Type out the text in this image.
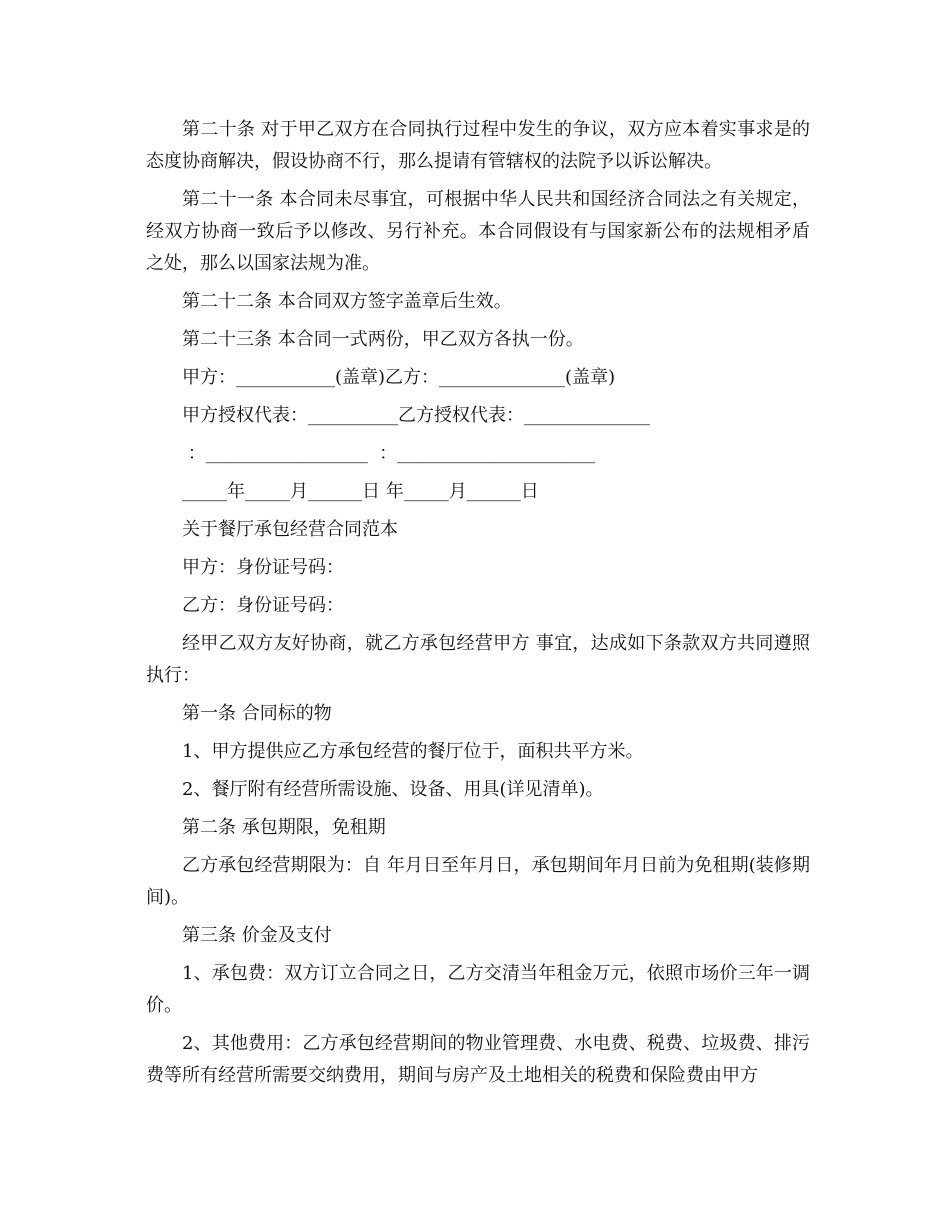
第二十条 对于甲乙双方在合同执行过程中发生的争议，双方应本着实事求是的态度协商解决，假设协商不行，那么提请有管辖权的法院予以诉讼解决。

第二十一条 本合同未尽事宜，可根据中华人民共和国经济合同法之有关规定，经双方协商一致后予以修改、另行补充。本合同假设有与国家新公布的法规相矛盾之处，那么以国家法规为准。

第二十二条 本合同双方签字盖章后生效。

第二十三条 本合同一式两份，甲乙双方各执一份。

甲方：___________(盖章)乙方：______________(盖章)

甲方授权代表：__________乙方授权代表：______________

：__________________  ：______________________

_____年_____月______日 年_____月______日

关于餐厅承包经营合同范本

甲方：身份证号码：

乙方：身份证号码：

经甲乙双方友好协商，就乙方承包经营甲方 事宜，达成如下条款双方共同遵照执行：

第一条 合同标的物

1、甲方提供应乙方承包经营的餐厅位于，面积共平方米。

2、餐厅附有经营所需设施、设备、用具(详见清单)。

第二条 承包期限，免租期

乙方承包经营期限为：自 年月日至年月日，承包期间年月日前为免租期(装修期间)。

第三条 价金及支付

1、承包费：双方订立合同之日，乙方交清当年租金万元，依照市场价三年一调价。

2、其他费用：乙方承包经营期间的物业管理费、水电费、税费、垃圾费、排污费等所有经营所需要交纳费用，期间与房产及土地相关的税费和保险费由甲方
